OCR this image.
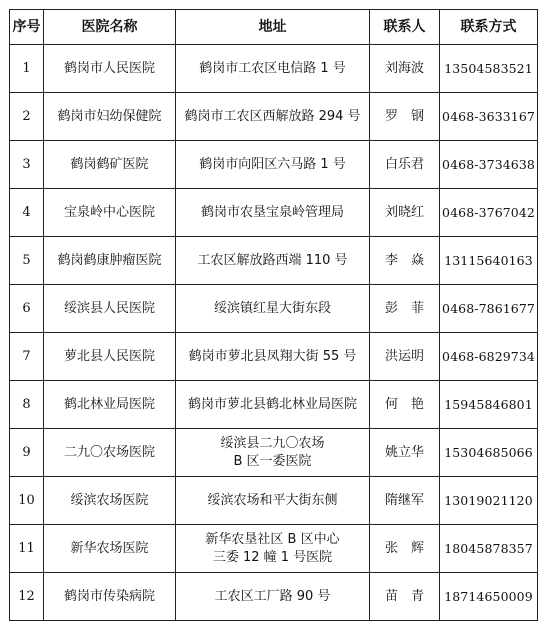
序号	医院名称	地址	联系人	联系方式
1	鹤岗市人民医院	鹤岗市工农区电信路 1 号	刘海波	13504583521
2	鹤岗市妇幼保健院	鹤岗市工农区西解放路 294 号	罗　钢	0468-3633167
3	鹤岗鹤矿医院	鹤岗市向阳区六马路 1 号	白乐君	0468-3734638
4	宝泉岭中心医院	鹤岗市农垦宝泉岭管理局	刘晓红	0468-3767042
5	鹤岗鹤康肿瘤医院	工农区解放路西端 110 号	李　焱	13115640163
6	绥滨县人民医院	绥滨镇红星大街东段	彭　菲	0468-7861677
7	萝北县人民医院	鹤岗市萝北县凤翔大街 55 号	洪运明	0468-6829734
8	鹤北林业局医院	鹤岗市萝北县鹤北林业局医院	何　艳	15945846801
9	二九〇农场医院	绥滨县二九〇农场
B 区一委医院	姚立华	15304685066
10	绥滨农场医院	绥滨农场和平大街东侧	隋继军	13019021120
11	新华农场医院	新华农垦社区 B 区中心
三委 12 幢 1 号医院	张　辉	18045878357
12	鹤岗市传染病院	工农区工厂路 90 号	苗　青	18714650009
